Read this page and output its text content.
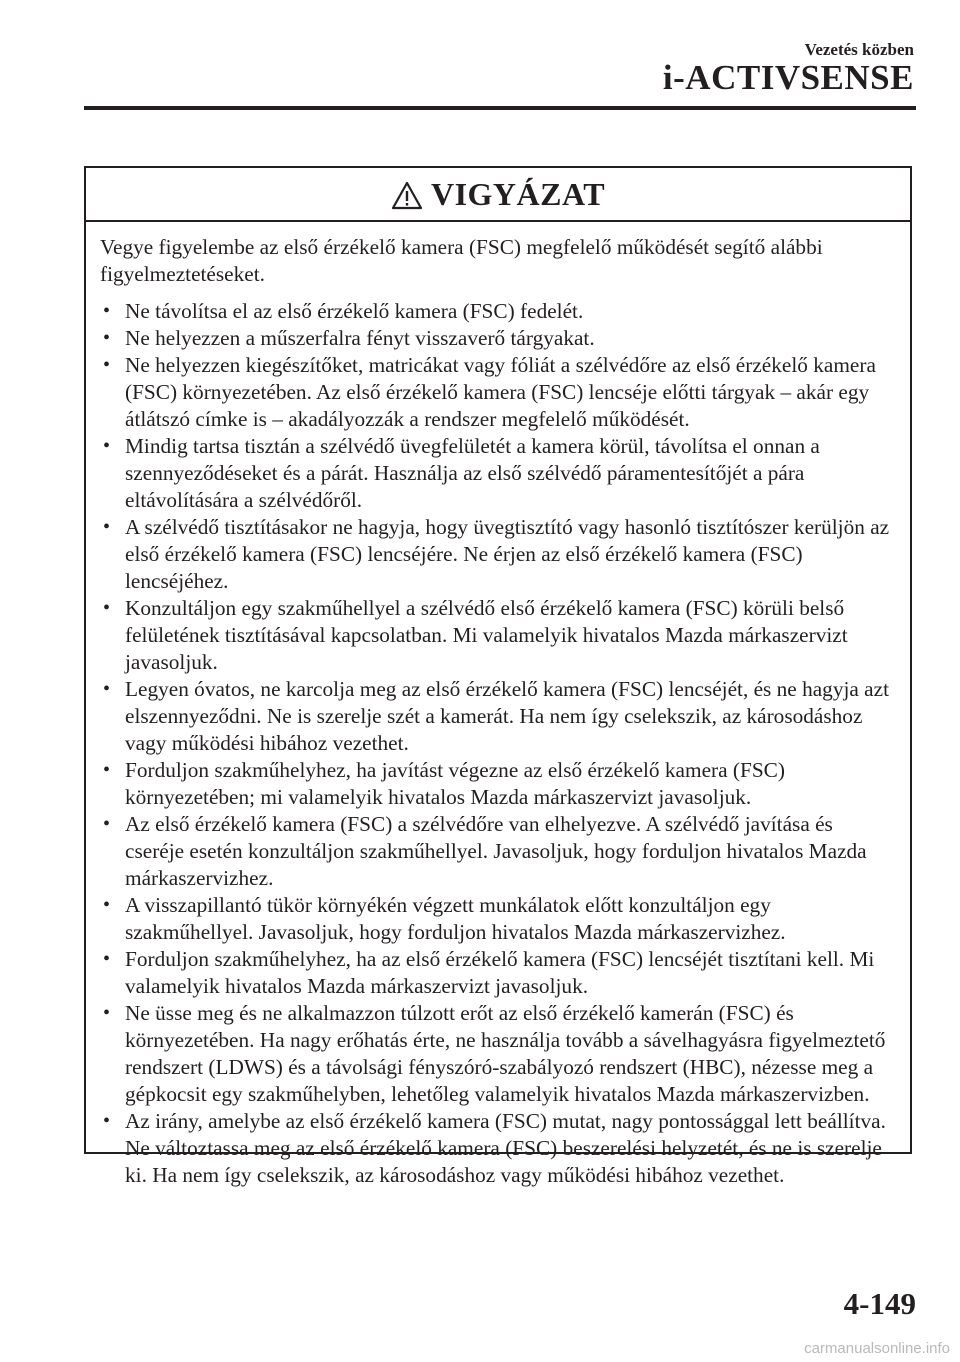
Vezetés közben
i-ACTIVSENSE
VIGYÁZAT

Vegye figyelembe az első érzékelő kamera (FSC) megfelelő működését segítő alábbi figyelmeztetéseket.

• Ne távolítsa el az első érzékelő kamera (FSC) fedelét.
• Ne helyezzen a műszerfalra fényt visszaverő tárgyakat.
• Ne helyezzen kiegészítőket, matricákat vagy fóliát a szélvédőre az első érzékelő kamera (FSC) környezetében. Az első érzékelő kamera (FSC) lencséje előtti tárgyak – akár egy átlátszó címke is – akadályozzák a rendszer megfelelő működését.
• Mindig tartsa tisztán a szélvédő üvegfelületét a kamera körül, távolítsa el onnan a szennyeződéseket és a párát. Használja az első szélvédő páramentesítőjét a pára eltávolítására a szélvédőről.
• A szélvédő tisztításakor ne hagyja, hogy üvegtisztító vagy hasonló tisztítószer kerüljön az első érzékelő kamera (FSC) lencséjére. Ne érjen az első érzékelő kamera (FSC) lencséjéhez.
• Konzultáljon egy szakműhellyel a szélvédő első érzékelő kamera (FSC) körüli belső felületének tisztításával kapcsolatban. Mi valamelyik hivatalos Mazda márkaszervizt javasoljuk.
• Legyen óvatos, ne karcolja meg az első érzékelő kamera (FSC) lencséjét, és ne hagyja azt elszennyeződni. Ne is szerelje szét a kamerát. Ha nem így cselekszik, az károsodáshoz vagy működési hibához vezethet.
• Forduljon szakműhelyhez, ha javítást végezne az első érzékelő kamera (FSC) környezetében; mi valamelyik hivatalos Mazda márkaszervizt javasoljuk.
• Az első érzékelő kamera (FSC) a szélvédőre van elhelyezve. A szélvédő javítása és cseréje esetén konzultáljon szakműhellyel. Javasoljuk, hogy forduljon hivatalos Mazda márkaszervizhez.
• A visszapillantó tükör környékén végzett munkálatok előtt konzultáljon egy szakműhellyel. Javasoljuk, hogy forduljon hivatalos Mazda márkaszervizhez.
• Forduljon szakműhelyhez, ha az első érzékelő kamera (FSC) lencséjét tisztítani kell. Mi valamelyik hivatalos Mazda márkaszervizt javasoljuk.
• Ne üsse meg és ne alkalmazzon túlzott erőt az első érzékelő kamerán (FSC) és környezetében. Ha nagy erőhatás érte, ne használja tovább a sávelhagyásra figyelmeztető rendszert (LDWS) és a távolsági fényszóró-szabályozó rendszert (HBC), nézesse meg a gépkocsit egy szakműhelyben, lehetőleg valamelyik hivatalos Mazda márkaszervizben.
• Az irány, amelybe az első érzékelő kamera (FSC) mutat, nagy pontossággal lett beállítva. Ne változtassa meg az első érzékelő kamera (FSC) beszerelési helyzetét, és ne is szerelje ki. Ha nem így cselekszik, az károsodáshoz vagy működési hibához vezethet.
4-149
carmanualsonline.info
